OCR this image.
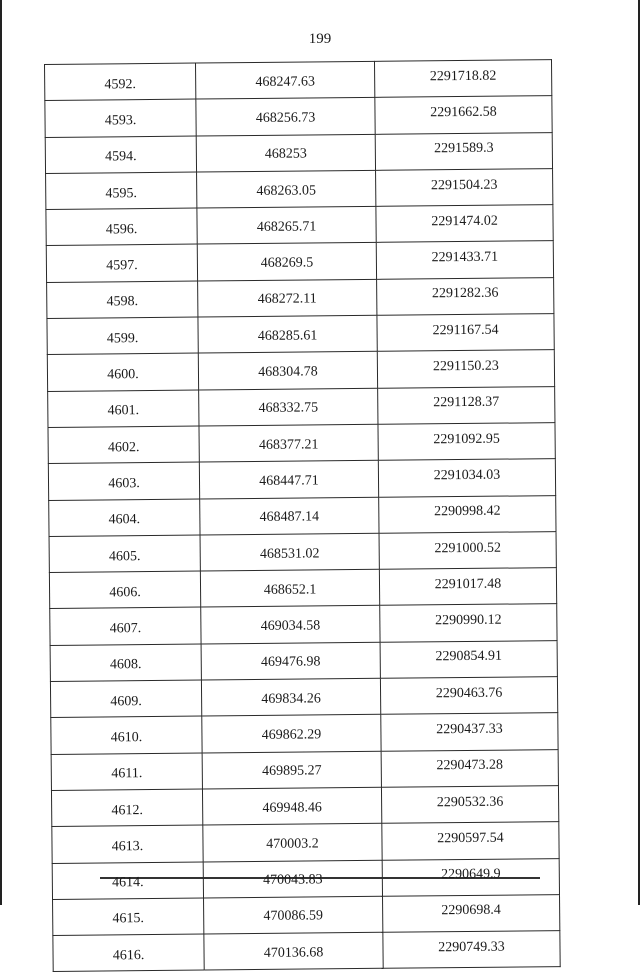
199
4592.	468247.63	2291718.82
4593.	468256.73	2291662.58
4594.	468253	2291589.3
4595.	468263.05	2291504.23
4596.	468265.71	2291474.02
4597.	468269.5	2291433.71
4598.	468272.11	2291282.36
4599.	468285.61	2291167.54
4600.	468304.78	2291150.23
4601.	468332.75	2291128.37
4602.	468377.21	2291092.95
4603.	468447.71	2291034.03
4604.	468487.14	2290998.42
4605.	468531.02	2291000.52
4606.	468652.1	2291017.48
4607.	469034.58	2290990.12
4608.	469476.98	2290854.91
4609.	469834.26	2290463.76
4610.	469862.29	2290437.33
4611.	469895.27	2290473.28
4612.	469948.46	2290532.36
4613.	470003.2	2290597.54
4614.	470043.83	2290649.9
4615.	470086.59	2290698.4
4616.	470136.68	2290749.33
